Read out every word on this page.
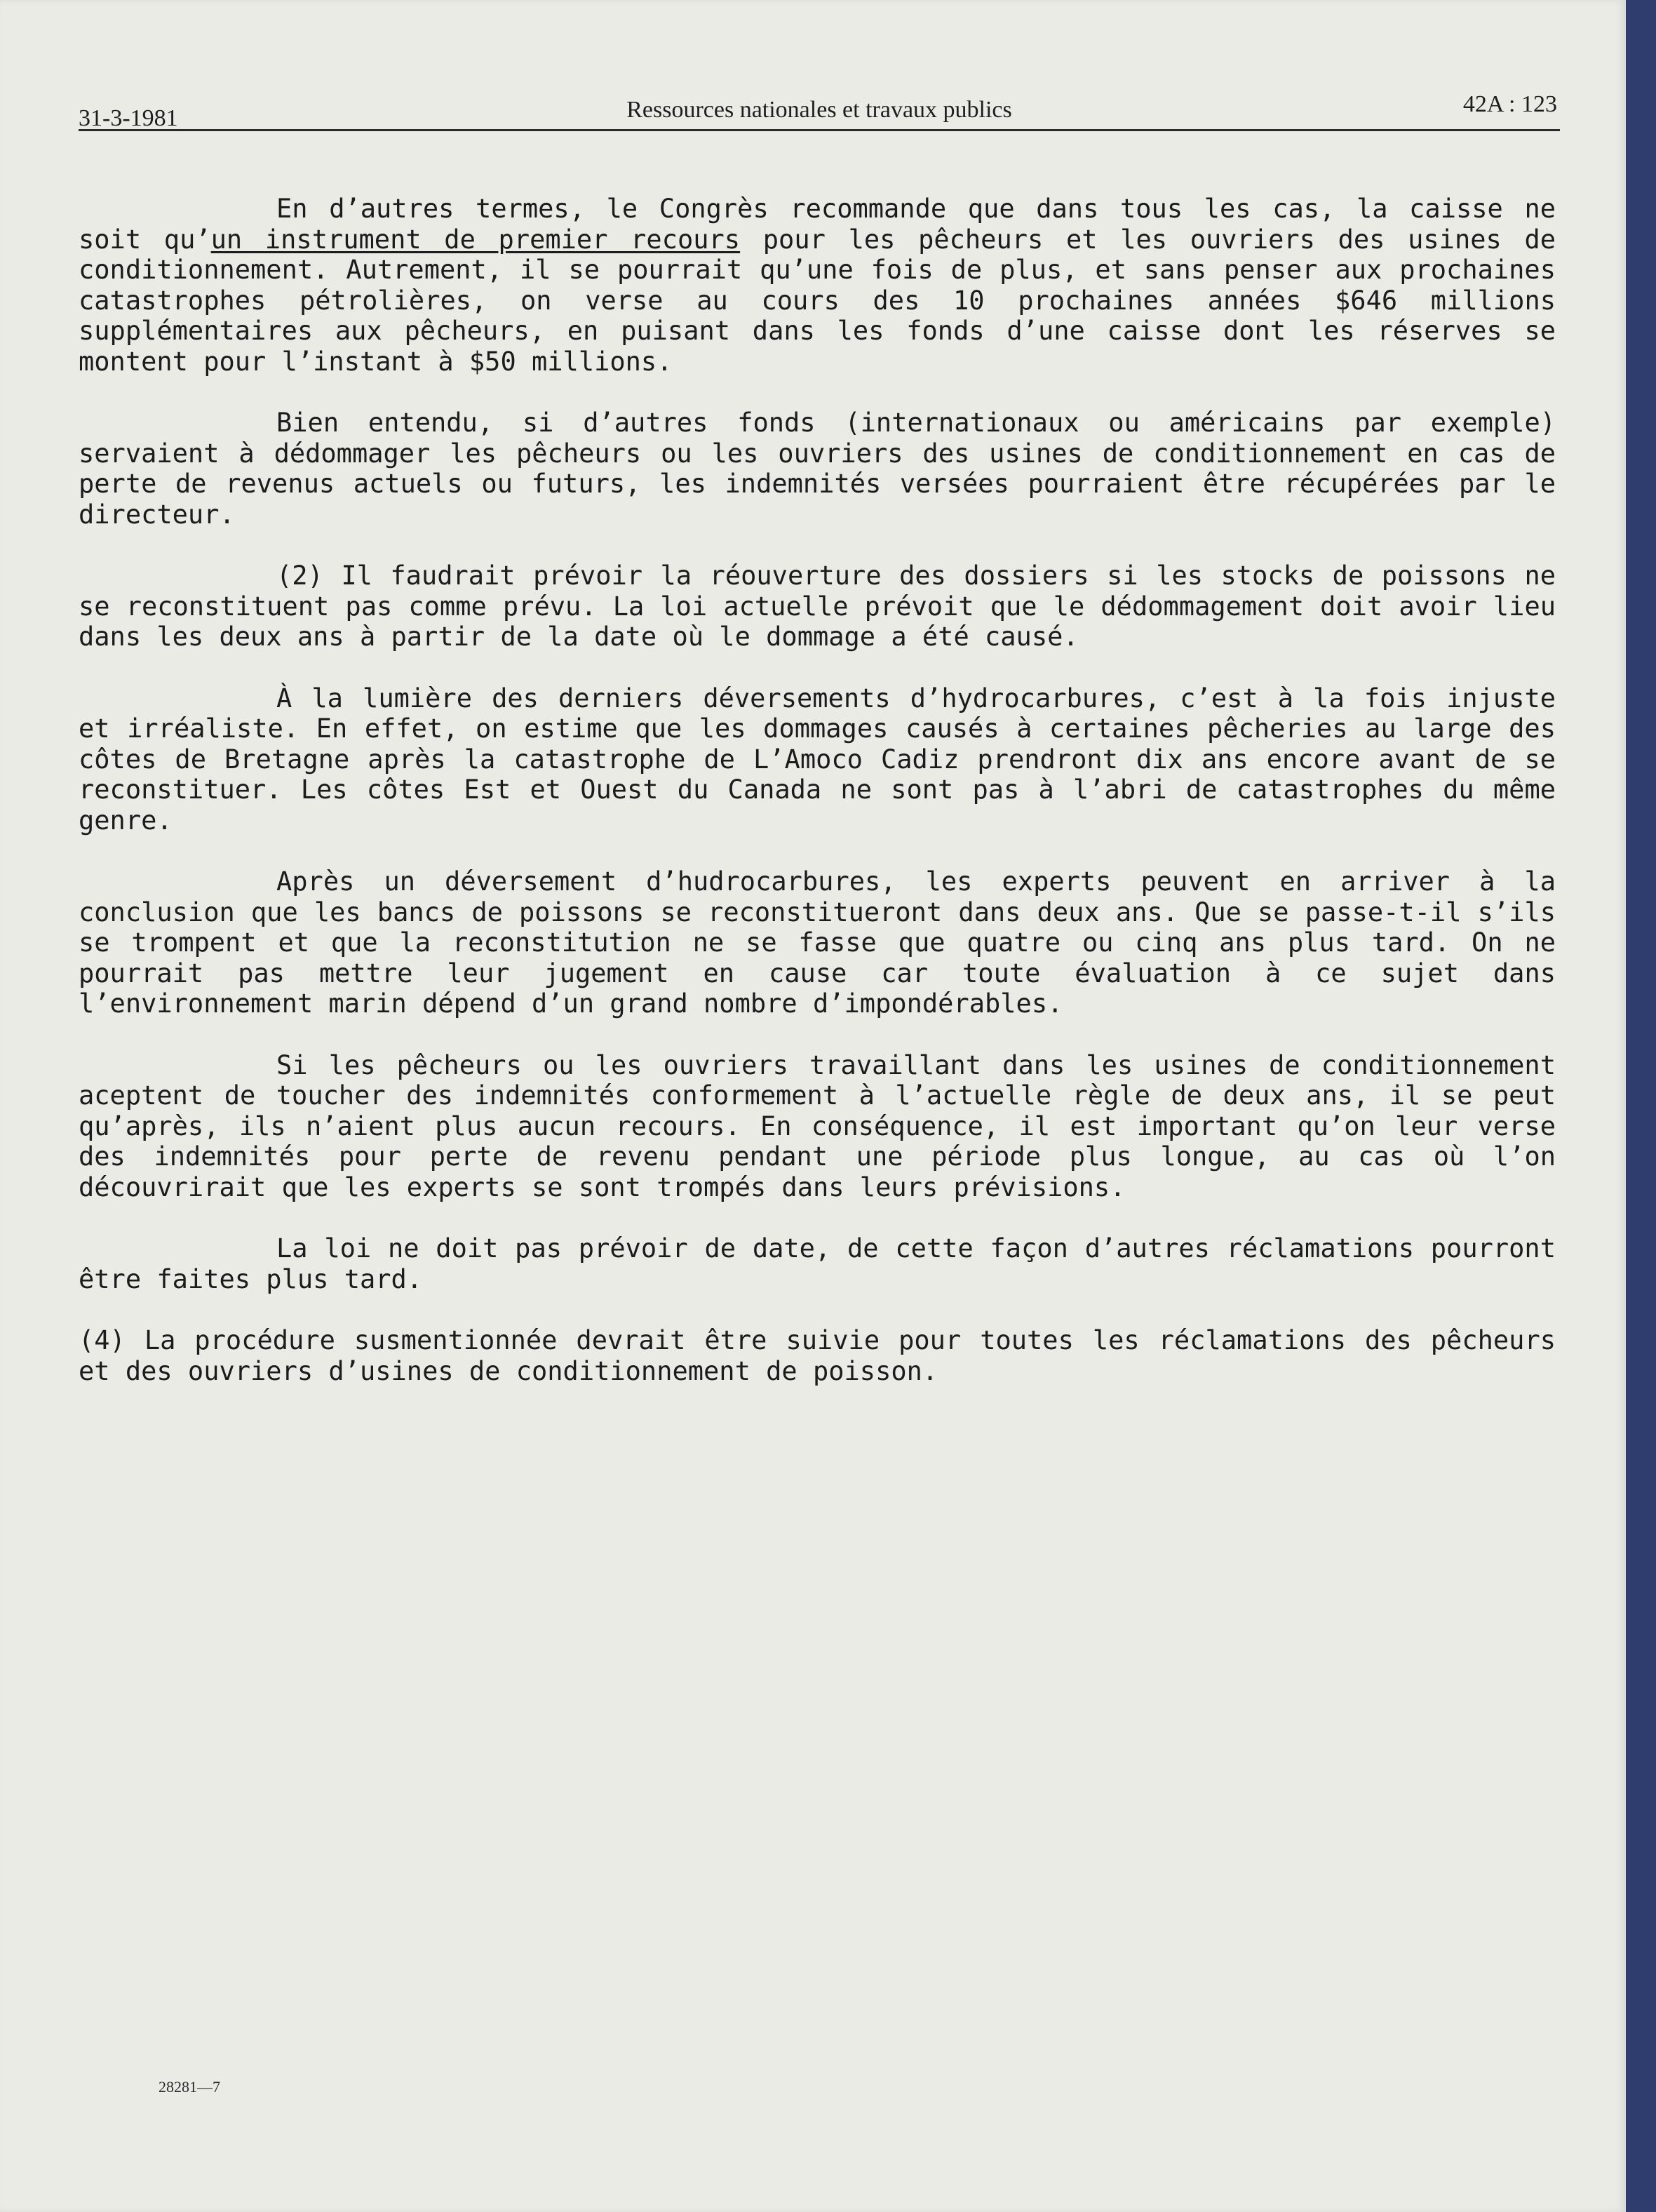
31-3-1981	Ressources nationales et travaux publics	42A : 123

En d’autres termes, le Congrès recommande que dans tous les cas, la caisse ne soit qu’un instrument de premier recours pour les pêcheurs et les ouvriers des usines de conditionnement. Autrement, il se pourrait qu’une fois de plus, et sans penser aux prochaines catastrophes pétrolières, on verse au cours des 10 prochaines années $646 millions supplémentaires aux pêcheurs, en puisant dans les fonds d’une caisse dont les réserves se montent pour l’instant à $50 millions.

Bien entendu, si d’autres fonds (internationaux ou américains par exemple) servaient à dédommager les pêcheurs ou les ouvriers des usines de conditionnement en cas de perte de revenus actuels ou futurs, les indemnités versées pourraient être récupérées par le directeur.

(2) Il faudrait prévoir la réouverture des dossiers si les stocks de poissons ne se reconstituent pas comme prévu. La loi actuelle prévoit que le dédommagement doit avoir lieu dans les deux ans à partir de la date où le dommage a été causé.

À la lumière des derniers déversements d’hydrocarbures, c’est à la fois injuste et irréaliste. En effet, on estime que les dommages causés à certaines pêcheries au large des côtes de Bretagne après la catastrophe de L’Amoco Cadiz prendront dix ans encore avant de se reconstituer. Les côtes Est et Ouest du Canada ne sont pas à l’abri de catastrophes du même genre.

Après un déversement d’hudrocarbures, les experts peuvent en arriver à la conclusion que les bancs de poissons se reconstitueront dans deux ans. Que se passe-t-il s’ils se trompent et que la reconstitution ne se fasse que quatre ou cinq ans plus tard. On ne pourrait pas mettre leur jugement en cause car toute évaluation à ce sujet dans l’environnement marin dépend d’un grand nombre d’impondérables.

Si les pêcheurs ou les ouvriers travaillant dans les usines de conditionnement aceptent de toucher des indemnités conformement à l’actuelle règle de deux ans, il se peut qu’après, ils n’aient plus aucun recours. En conséquence, il est important qu’on leur verse des indemnités pour perte de revenu pendant une période plus longue, au cas où l’on découvrirait que les experts se sont trompés dans leurs prévisions.

La loi ne doit pas prévoir de date, de cette façon d’autres réclamations pourront être faites plus tard.

(4) La procédure susmentionnée devrait être suivie pour toutes les réclamations des pêcheurs et des ouvriers d’usines de conditionnement de poisson.

28281—7
